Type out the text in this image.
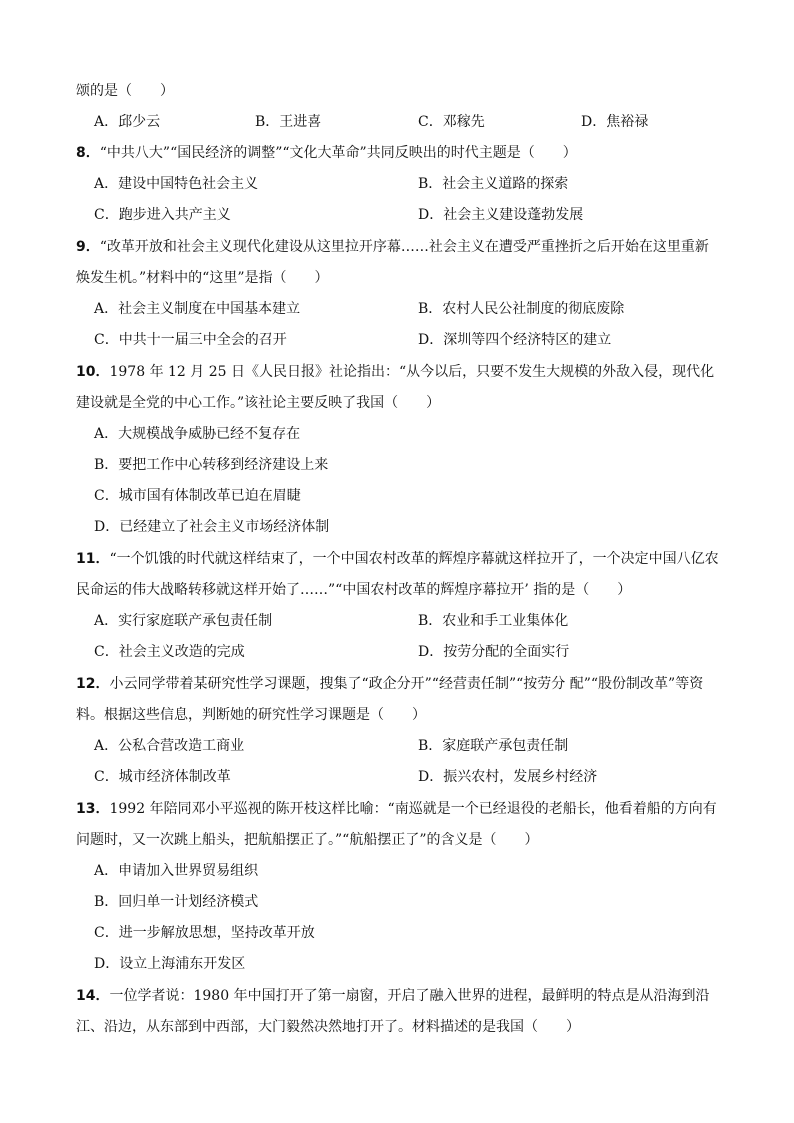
颂的是（　　）
A．邱少云	B．王进喜	C．邓稼先	D．焦裕禄
8．“中共八大”“国民经济的调整”“文化大革命”共同反映出的时代主题是（　　）
A．建设中国特色社会主义	B．社会主义道路的探索
C．跑步进入共产主义	D．社会主义建设蓬勃发展
9．“改革开放和社会主义现代化建设从这里拉开序幕……社会主义在遭受严重挫折之后开始在这里重新
焕发生机。”材料中的“这里”是指（　　）
A．社会主义制度在中国基本建立	B．农村人民公社制度的彻底废除
C．中共十一届三中全会的召开	D．深圳等四个经济特区的建立
10．1978 年 12 月 25 日《人民日报》社论指出：“从今以后，只要不发生大规模的外敌入侵，现代化
建设就是全党的中心工作。”该社论主要反映了我国（　　）
A．大规模战争威胁已经不复存在
B．要把工作中心转移到经济建设上来
C．城市国有体制改革已迫在眉睫
D．已经建立了社会主义市场经济体制
11．“一个饥饿的时代就这样结束了，一个中国农村改革的辉煌序幕就这样拉开了，一个决定中国八亿农
民命运的伟大战略转移就这样开始了……”“中国农村改革的辉煌序幕拉开’ 指的是（　　）
A．实行家庭联产承包责任制	B．农业和手工业集体化
C．社会主义改造的完成	D．按劳分配的全面实行
12．小云同学带着某研究性学习课题，搜集了“政企分开”“经营责任制”“按劳分 配”“股份制改革”等资
料。根据这些信息，判断她的研究性学习课题是（　　）
A．公私合营改造工商业	B．家庭联产承包责任制
C．城市经济体制改革	D．振兴农村，发展乡村经济
13．1992 年陪同邓小平巡视的陈开枝这样比喻：“南巡就是一个已经退役的老船长，他看着船的方向有
问题时，又一次跳上船头，把航船摆正了。”“航船摆正了”的含义是（　　）
A．申请加入世界贸易组织
B．回归单一计划经济模式
C．进一步解放思想，坚持改革开放
D．设立上海浦东开发区
14．一位学者说：1980 年中国打开了第一扇窗，开启了融入世界的进程，最鲜明的特点是从沿海到沿
江、沿边，从东部到中西部，大门毅然决然地打开了。材料描述的是我国（　　）
